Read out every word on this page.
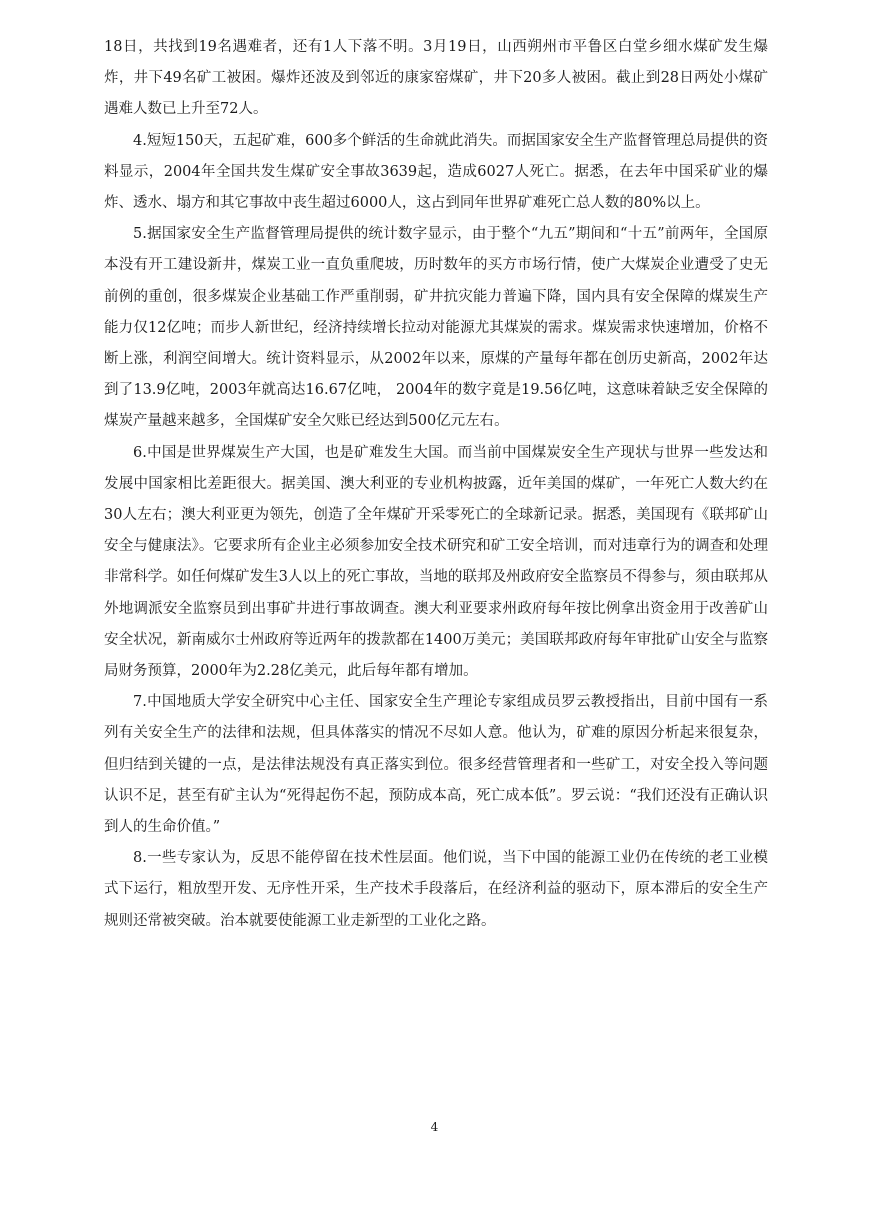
18日，共找到19名遇难者，还有1人下落不明。3月19日，山西朔州市平鲁区白堂乡细水煤矿发生爆炸，井下49名矿工被困。爆炸还波及到邻近的康家窑煤矿，井下20多人被困。截止到28日两处小煤矿遇难人数已上升至72人。

4.短短150天，五起矿难，600多个鲜活的生命就此消失。而据国家安全生产监督管理总局提供的资料显示，2004年全国共发生煤矿安全事故3639起，造成6027人死亡。据悉，在去年中国采矿业的爆炸、透水、塌方和其它事故中丧生超过6000人，这占到同年世界矿难死亡总人数的80%以上。

5.据国家安全生产监督管理局提供的统计数字显示，由于整个“九五”期间和“十五”前两年，全国原本没有开工建设新井，煤炭工业一直负重爬坡，历时数年的买方市场行情，使广大煤炭企业遭受了史无前例的重创，很多煤炭企业基础工作严重削弱，矿井抗灾能力普遍下降，国内具有安全保障的煤炭生产能力仅12亿吨；而步人新世纪，经济持续增长拉动对能源尤其煤炭的需求。煤炭需求快速增加，价格不断上涨，利润空间增大。统计资料显示，从2002年以来，原煤的产量每年都在创历史新高，2002年达到了13.9亿吨，2003年就高达16.67亿吨， 2004年的数字竟是19.56亿吨，这意味着缺乏安全保障的煤炭产量越来越多，全国煤矿安全欠账已经达到500亿元左右。

6.中国是世界煤炭生产大国，也是矿难发生大国。而当前中国煤炭安全生产现状与世界一些发达和发展中国家相比差距很大。据美国、澳大利亚的专业机构披露，近年美国的煤矿，一年死亡人数大约在30人左右；澳大利亚更为领先，创造了全年煤矿开采零死亡的全球新记录。据悉，美国现有《联邦矿山安全与健康法》。它要求所有企业主必须参加安全技术研究和矿工安全培训，而对违章行为的调查和处理非常科学。如任何煤矿发生3人以上的死亡事故，当地的联邦及州政府安全监察员不得参与，须由联邦从外地调派安全监察员到出事矿井进行事故调查。澳大利亚要求州政府每年按比例拿出资金用于改善矿山安全状况，新南威尔士州政府等近两年的拨款都在1400万美元；美国联邦政府每年审批矿山安全与监察局财务预算，2000年为2.28亿美元，此后每年都有增加。

7.中国地质大学安全研究中心主任、国家安全生产理论专家组成员罗云教授指出，目前中国有一系列有关安全生产的法律和法规，但具体落实的情况不尽如人意。他认为，矿难的原因分析起来很复杂，但归结到关键的一点，是法律法规没有真正落实到位。很多经营管理者和一些矿工，对安全投入等问题认识不足，甚至有矿主认为“死得起伤不起，预防成本高，死亡成本低”。罗云说：“我们还没有正确认识到人的生命价值。”

8.一些专家认为，反思不能停留在技术性层面。他们说，当下中国的能源工业仍在传统的老工业模式下运行，粗放型开发、无序性开采，生产技术手段落后，在经济利益的驱动下，原本滞后的安全生产规则还常被突破。治本就要使能源工业走新型的工业化之路。

4
